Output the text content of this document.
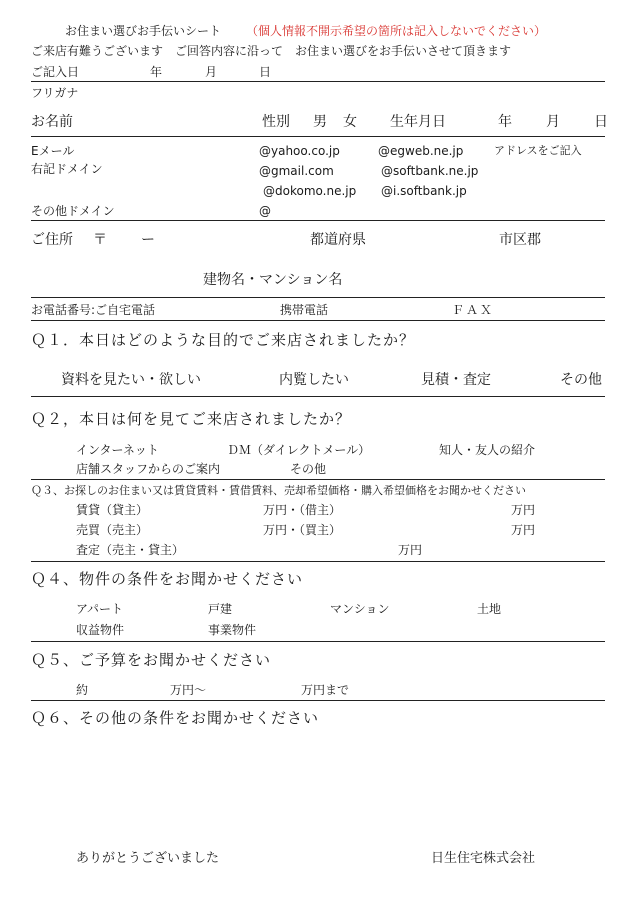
お住まい選びお手伝いシート （個人情報不開示希望の箇所は記入しないでください）
ご来店有難うございます　ご回答内容に沿って　お住まい選びをお手伝いさせて頂きます
ご記入日	年	月	日
フリガナ
お名前	性別 男 女 生年月日	年 月 日
Eメール
右記ドメイン
@yahoo.co.jp	@egweb.ne.jp	アドレスをご記入
@gmail.com	@softbank.ne.jp
@dokomo.ne.jp @i.softbank.jp
その他ドメイン	@
ご住所 〒 ー	都道府県	市区郡
建物名・マンション名
お電話番号:ご自宅電話	携帯電話	ＦＡＸ
Ｑ１．本日はどのような目的でご来店されましたか？
資料を見たい・欲しい	内覧したい	見積・査定	その他
Ｑ２，本日は何を見てご来店されましたか？
インターネット	ＤＭ（ダイレクトメール）	知人・友人の紹介
店舗スタッフからのご案内	その他
Ｑ３、お探しのお住まい又は賃貸賃料・賃借賃料、売却希望価格・購入希望価格をお聞かせください
賃貸（貸主）	万円・（借主）	万円
売買（売主）	万円・（買主）	万円
査定（売主・貸主）	万円
Ｑ４、物件の条件をお聞かせください
アパート	戸建	マンション	土地
収益物件	事業物件
Ｑ５、ご予算をお聞かせください
約	万円～	万円まで
Ｑ６、その他の条件をお聞かせください
ありがとうございました	日生住宅株式会社
